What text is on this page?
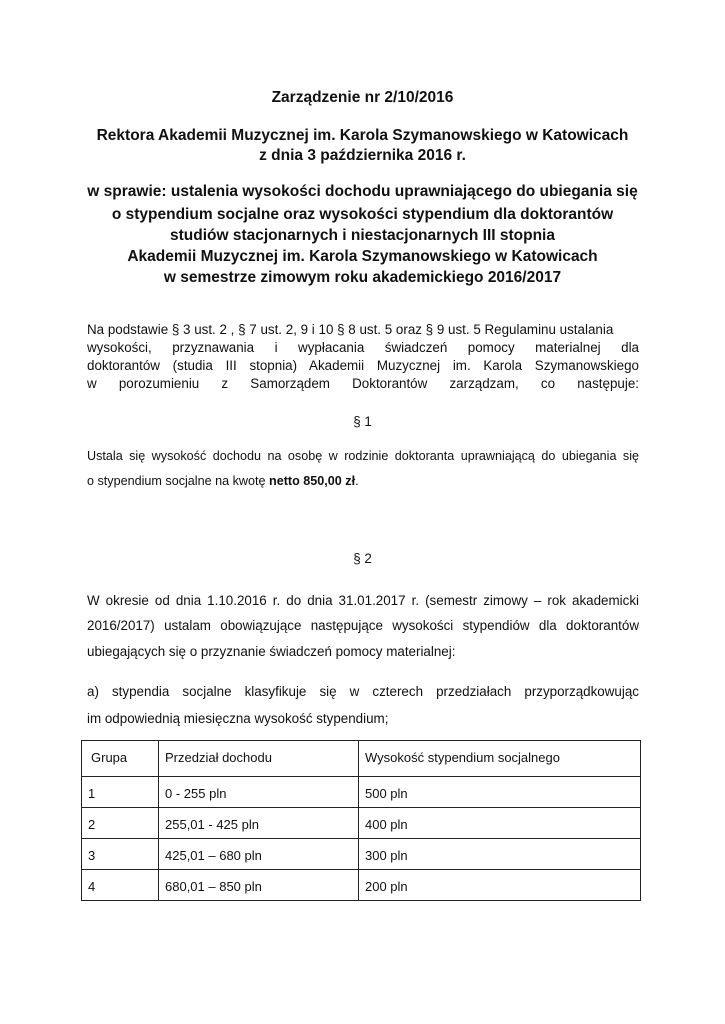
Zarządzenie nr 2/10/2016
Rektora Akademii Muzycznej im. Karola Szymanowskiego w Katowicach
z dnia 3 października 2016 r.
w sprawie: ustalenia wysokości dochodu uprawniającego do ubiegania się
o stypendium socjalne oraz wysokości stypendium dla doktorantów
studiów stacjonarnych i niestacjonarnych III stopnia
Akademii Muzycznej im. Karola Szymanowskiego w Katowicach
w semestrze zimowym roku akademickiego 2016/2017
Na podstawie § 3 ust. 2 , § 7 ust. 2, 9 i 10 § 8 ust. 5 oraz § 9 ust. 5 Regulaminu ustalania
wysokości, przyznawania i wypłacania świadczeń pomocy materialnej dla
doktorantów (studia III stopnia) Akademii Muzycznej im. Karola Szymanowskiego
w porozumieniu z Samorządem Doktorantów zarządzam, co następuje:
§ 1
Ustala się wysokość dochodu na osobę w rodzinie doktoranta uprawniającą do ubiegania się
o stypendium socjalne na kwotę netto 850,00 zł.
§ 2
W okresie od dnia 1.10.2016 r. do dnia 31.01.2017 r. (semestr zimowy – rok akademicki
2016/2017) ustalam obowiązujące następujące wysokości stypendiów dla doktorantów
ubiegających się o przyznanie świadczeń pomocy materialnej:
a) stypendia socjalne klasyfikuje się w czterech przedziałach przyporządkowując
im odpowiednią miesięczna wysokość stypendium;
Grupa	Przedział dochodu	Wysokość stypendium socjalnego
1	0 - 255 pln	500 pln
2	255,01 - 425 pln	400 pln
3	425,01 – 680 pln	300 pln
4	680,01 – 850 pln	200 pln
